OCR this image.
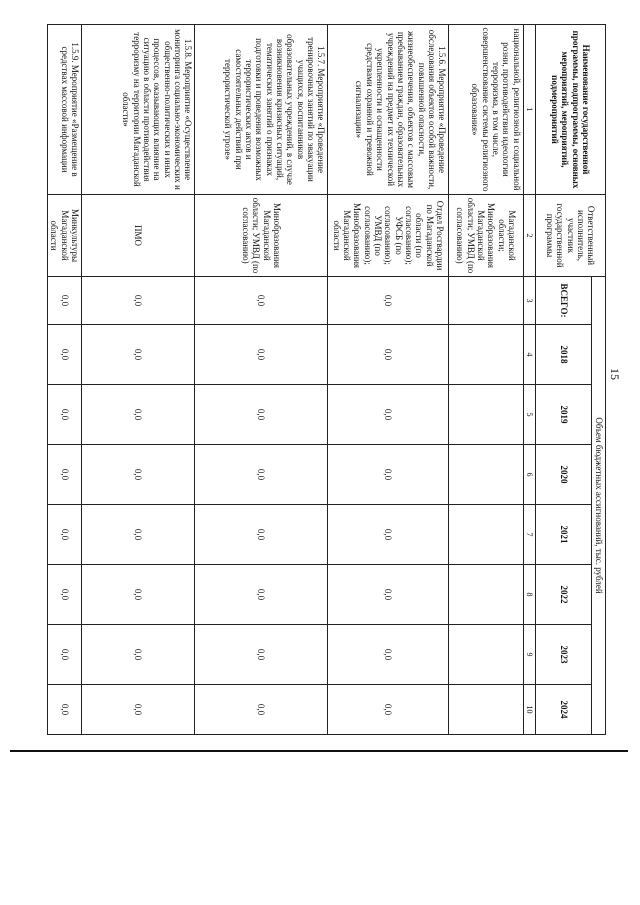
15
Наименование государственной программы, подпрограммы, основных мероприятий, мероприятий, подмероприятий	Ответственный исполнитель, участник государственной программы	Объем бюджетных ассигнований, тыс. рублей							
		ВСЕГО:	2018	2019	2020	2021	2022	2023	2024
1	2	3	4	5	6	7	8	9	10
национальной, религиозной и социальной розни, противодействия идеологии терроризма, в том числе, совершенствование системы религиозного образования»	Магаданской области; Минобразования Магаданской области; УМВД (по согласованию)								
1.5.6. Мероприятие «Проведение обследования объектов особой важности, повышенной опасности, жизнеобеспечения, объектов с массовым пребыванием граждан, образовательных учреждений на предмет их технической укрепленности и оснащенности средствами охранной и тревожной сигнализации»	Отдел Росгвардии по Магаданской области (по согласованию); УФСБ (по согласованию); УМВД (по согласованию); Минобразования Магаданской области	0,0	0,0	0,0	0,0	0,0	0,0	0,0	0,0
1.5.7. Мероприятие «Проведение тренировочных занятий по эвакуации учащихся, воспитанников образовательных учреждений, в случае возникновения кризисных ситуаций, тематических занятий о признаках подготовки и проведения возможных террористических актов и самостоятельных действий при террористической угрозе»	Минобразования Магаданской области; УМВД (по согласованию)	0,0	0,0	0,0	0,0	0,0	0,0	0,0	0,0
1.5.8. Мероприятие «Осуществление мониторинга социально-экономических и общественно-политических и иных процессов, оказывающих влияние на ситуацию в области противодействия терроризму на территории Магаданской области»	ПМО	0,0	0,0	0,0	0,0	0,0	0,0	0,0	0,0
1.5.9. Мероприятие «Размещение в средствах массовой информации	Минкультуры Магаданской области	0,0	0,0	0,0	0,0	0,0	0,0	0,0	0,0
